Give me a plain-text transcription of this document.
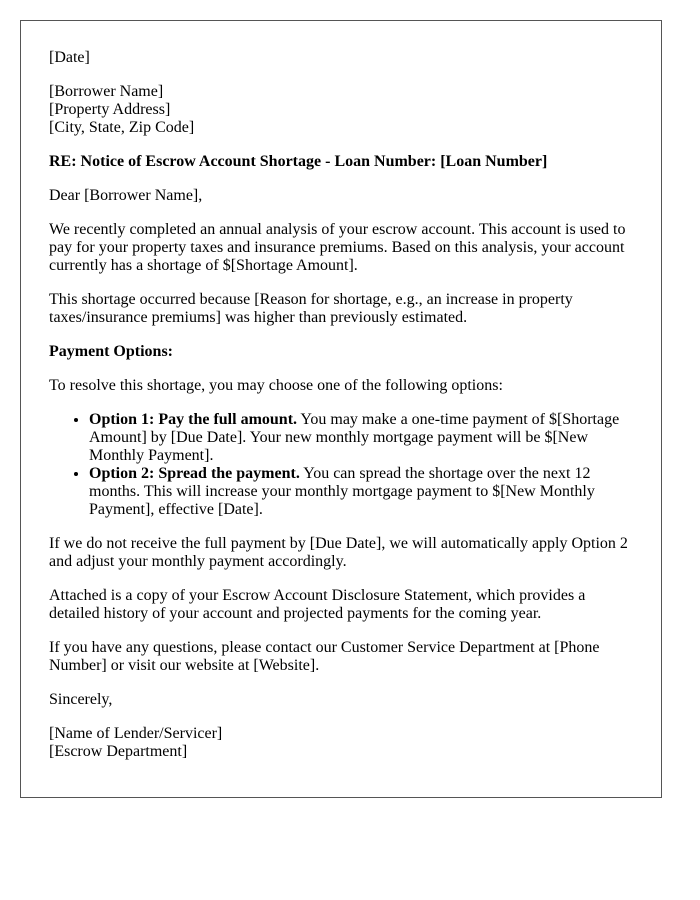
[Date]

[Borrower Name]
[Property Address]
[City, State, Zip Code]

RE: Notice of Escrow Account Shortage - Loan Number: [Loan Number]

Dear [Borrower Name],

We recently completed an annual analysis of your escrow account. This account is used to pay for your property taxes and insurance premiums. Based on this analysis, your account currently has a shortage of $[Shortage Amount].

This shortage occurred because [Reason for shortage, e.g., an increase in property taxes/insurance premiums] was higher than previously estimated.

Payment Options:

To resolve this shortage, you may choose one of the following options:

• Option 1: Pay the full amount. You may make a one-time payment of $[Shortage Amount] by [Due Date]. Your new monthly mortgage payment will be $[New Monthly Payment].
• Option 2: Spread the payment. You can spread the shortage over the next 12 months. This will increase your monthly mortgage payment to $[New Monthly Payment], effective [Date].

If we do not receive the full payment by [Due Date], we will automatically apply Option 2 and adjust your monthly payment accordingly.

Attached is a copy of your Escrow Account Disclosure Statement, which provides a detailed history of your account and projected payments for the coming year.

If you have any questions, please contact our Customer Service Department at [Phone Number] or visit our website at [Website].

Sincerely,

[Name of Lender/Servicer]
[Escrow Department]
